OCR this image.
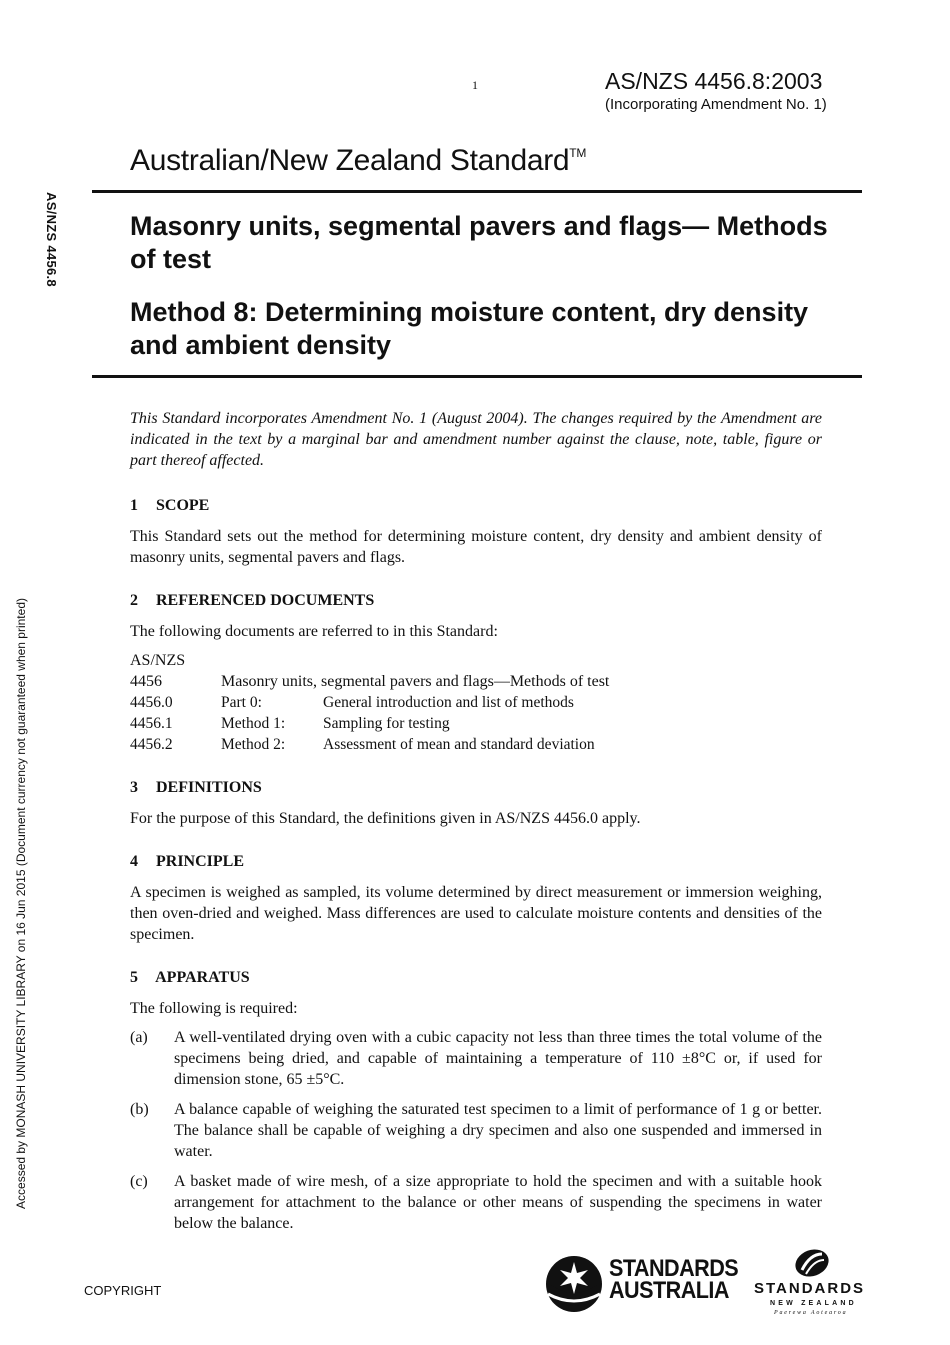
1	AS/NZS 4456.8:2003
(Incorporating Amendment No. 1)
Australian/New Zealand Standard™
Masonry units, segmental pavers and flags— Methods of test
Method 8: Determining moisture content, dry density and ambient density
AS/NZS 4456.8
Accessed by MONASH UNIVERSITY LIBRARY on 16 Jun 2015 (Document currency not guaranteed when printed)

This Standard incorporates Amendment No. 1 (August 2004). The changes required by the Amendment are indicated in the text by a marginal bar and amendment number against the clause, note, table, figure or part thereof affected.

1 SCOPE

This Standard sets out the method for determining moisture content, dry density and ambient density of masonry units, segmental pavers and flags.

2 REFERENCED DOCUMENTS

The following documents are referred to in this Standard:

AS/NZS
4456	Masonry units, segmental pavers and flags—Methods of test
4456.0	Part 0:	General introduction and list of methods
4456.1	Method 1:	Sampling for testing
4456.2	Method 2:	Assessment of mean and standard deviation

3 DEFINITIONS

For the purpose of this Standard, the definitions given in AS/NZS 4456.0 apply.

4 PRINCIPLE

A specimen is weighed as sampled, its volume determined by direct measurement or immersion weighing, then oven-dried and weighed. Mass differences are used to calculate moisture contents and densities of the specimen.

5 APPARATUS

The following is required:

(a)	A well-ventilated drying oven with a cubic capacity not less than three times the total volume of the specimens being dried, and capable of maintaining a temperature of 110 ±8°C or, if used for dimension stone, 65 ±5°C.
(b)	A balance capable of weighing the saturated test specimen to a limit of performance of 1 g or better. The balance shall be capable of weighing a dry specimen and also one suspended and immersed in water.
(c)	A basket made of wire mesh, of a size appropriate to hold the specimen and with a suitable hook arrangement for attachment to the balance or other means of suspending the specimens in water below the balance.
COPYRIGHT
STANDARDS
AUSTRALIA	STANDARDS
NEW ZEALAND
Paerewa Aotearoa
